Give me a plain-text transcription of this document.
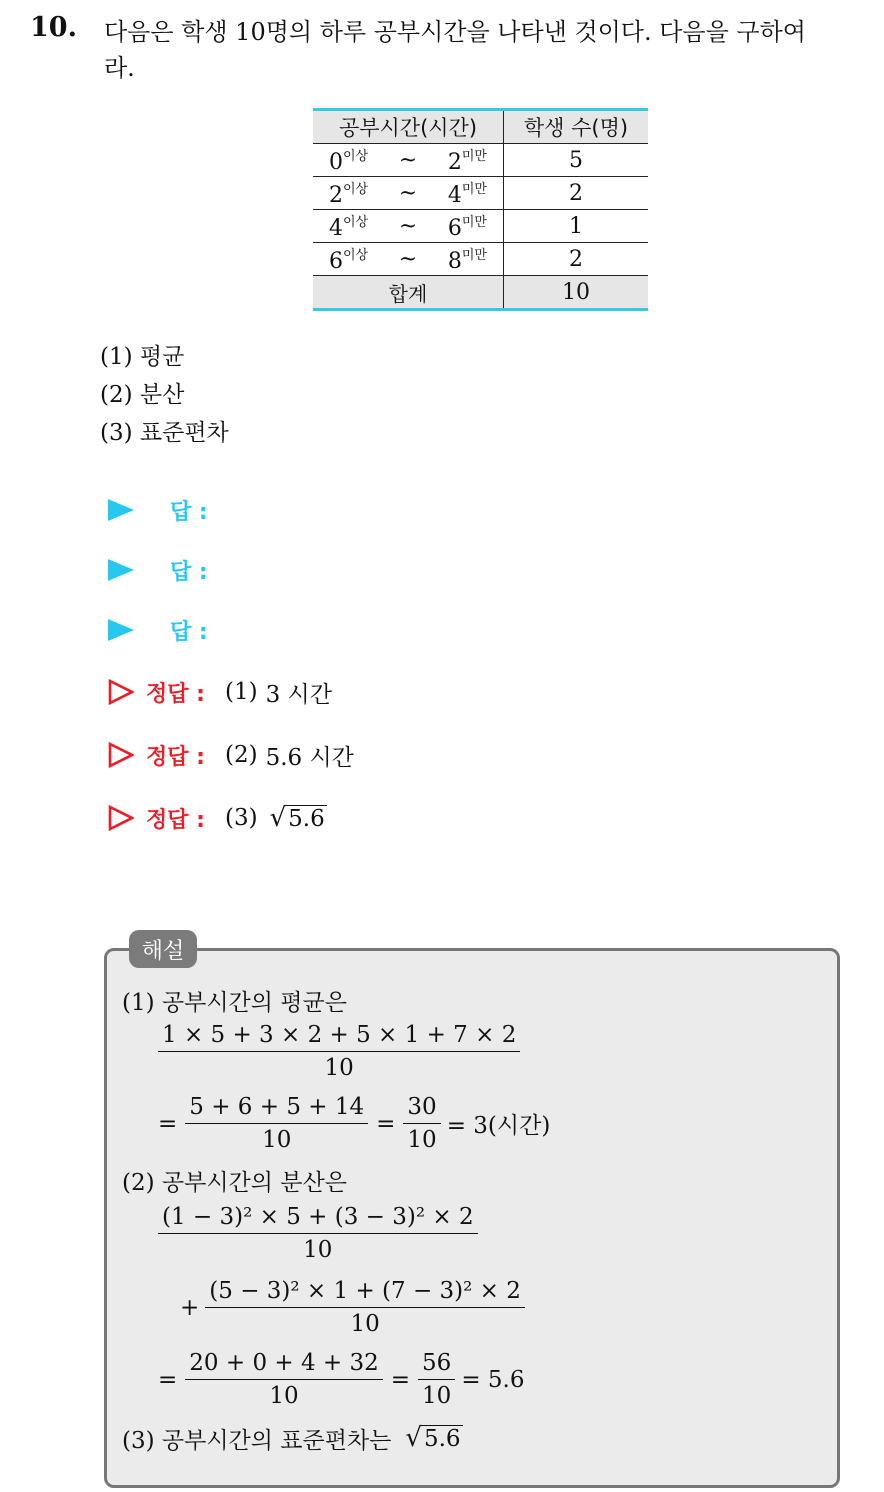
10. 다음은 학생 10명의 하루 공부시간을 나타낸 것이다. 다음을 구하여
라.
공부시간(시간)	학생 수(명)

$0^{이상}$ ~ $2^{미만}$	5

$2^{이상}$ ~ $4^{미만}$	2

$4^{이상}$ ~ $6^{미만}$	1

$6^{이상}$ ~ $8^{미만}$	2
합계	10
(1) 평균
(2) 분산
(3) 표준편차
답 :
답 :
답 :
정답 : (1) 3 시간
정답 : (2) 5.6 시간
정답 : (3) √ 5.6
해설
(1) 공부시간의 평균은
$\frac{1 \times 5 + 3 \times 2 + 5 \times 1 + 7 \times 2}{10}$
= $\frac{5 + 6 + 5 + 14}{10} = \frac{30}{10} = 3$(시간)
(2) 공부시간의 분산은
$\frac{\text{(1 − 3)² × 5 + (3 − 3)² × 2}}{10}$
+ $\frac{\text{(5 − 3)² × 1 + (7 − 3)² × 2}}{10}$
= $\frac{20 + 0 + 4 + 32}{10} = \frac{56}{10} = 5.6$
(3) 공부시간의 표준편차는 √ 5.6
